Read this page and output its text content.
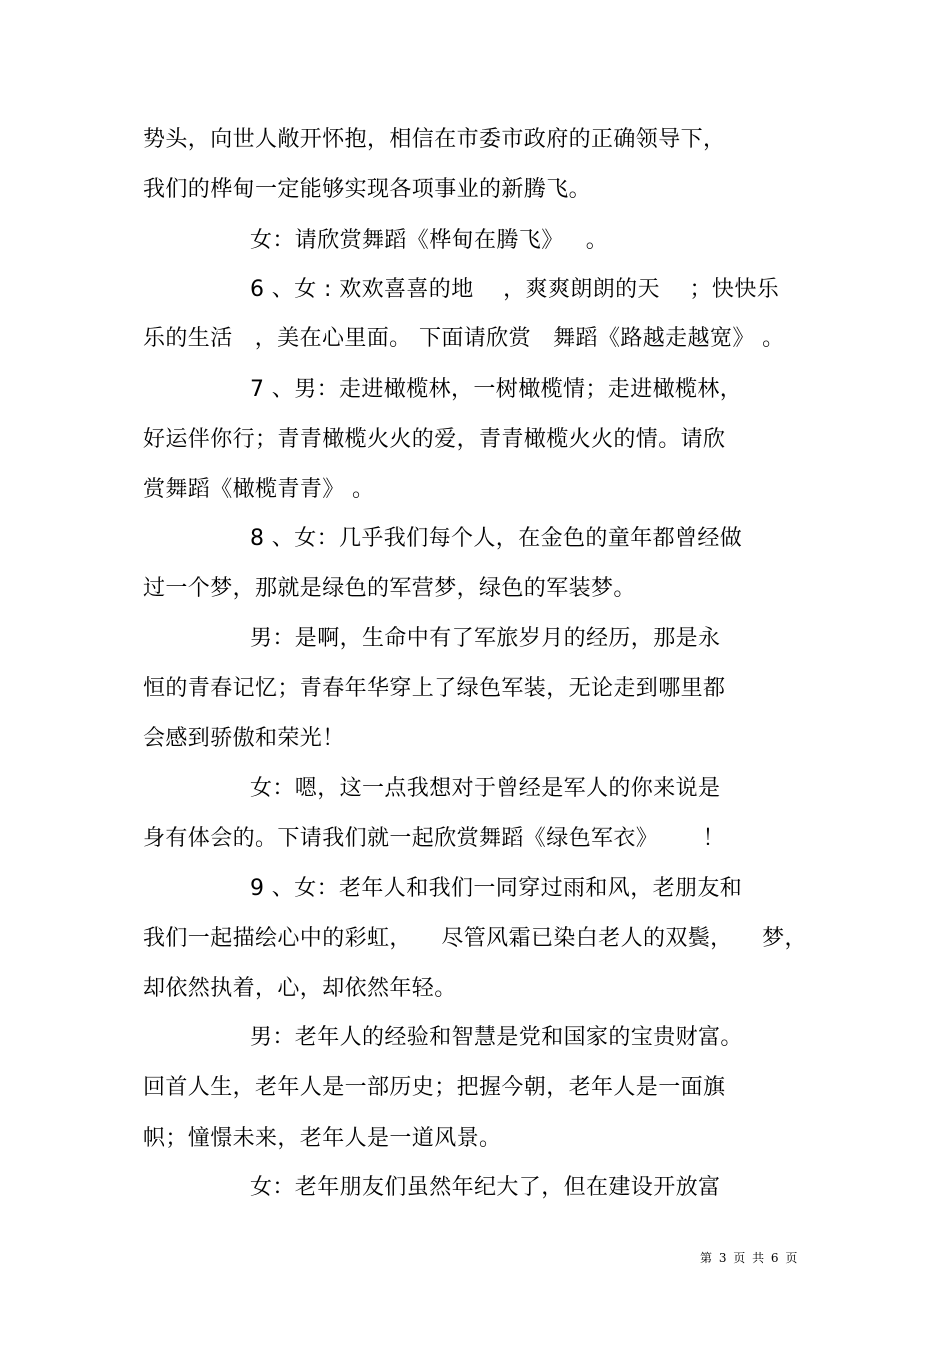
势头，向世人敞开怀抱，相信在市委市政府的正确领导下，
我们的桦甸一定能够实现各项事业的新腾飞。
女：请欣赏舞蹈《桦甸在腾飞》   。
6 、女 : 欢欢喜喜的地    ，爽爽朗朗的天    ；快快乐
乐的生活   ，美在心里面。 下面请欣赏   舞蹈《路越走越宽》 。
7 、男：走进橄榄林，一树橄榄情；走进橄榄林，
好运伴你行；青青橄榄火火的爱，青青橄榄火火的情。请欣
赏舞蹈《橄榄青青》 。
8 、女：几乎我们每个人，在金色的童年都曾经做
过一个梦，那就是绿色的军营梦，绿色的军装梦。
男：是啊，生命中有了军旅岁月的经历，那是永
恒的青春记忆；青春年华穿上了绿色军装，无论走到哪里都
会感到骄傲和荣光！
女：嗯，这一点我想对于曾经是军人的你来说是
身有体会的。下请我们就一起欣赏舞蹈《绿色军衣》      ！
9 、女：老年人和我们一同穿过雨和风，老朋友和
我们一起描绘心中的彩虹，    尽管风霜已染白老人的双鬓，    梦，
却依然执着，心，却依然年轻。
男：老年人的经验和智慧是党和国家的宝贵财富。
回首人生，老年人是一部历史；把握今朝，老年人是一面旗
帜；憧憬未来，老年人是一道风景。
女：老年朋友们虽然年纪大了，但在建设开放富
第 3 页 共 6 页
